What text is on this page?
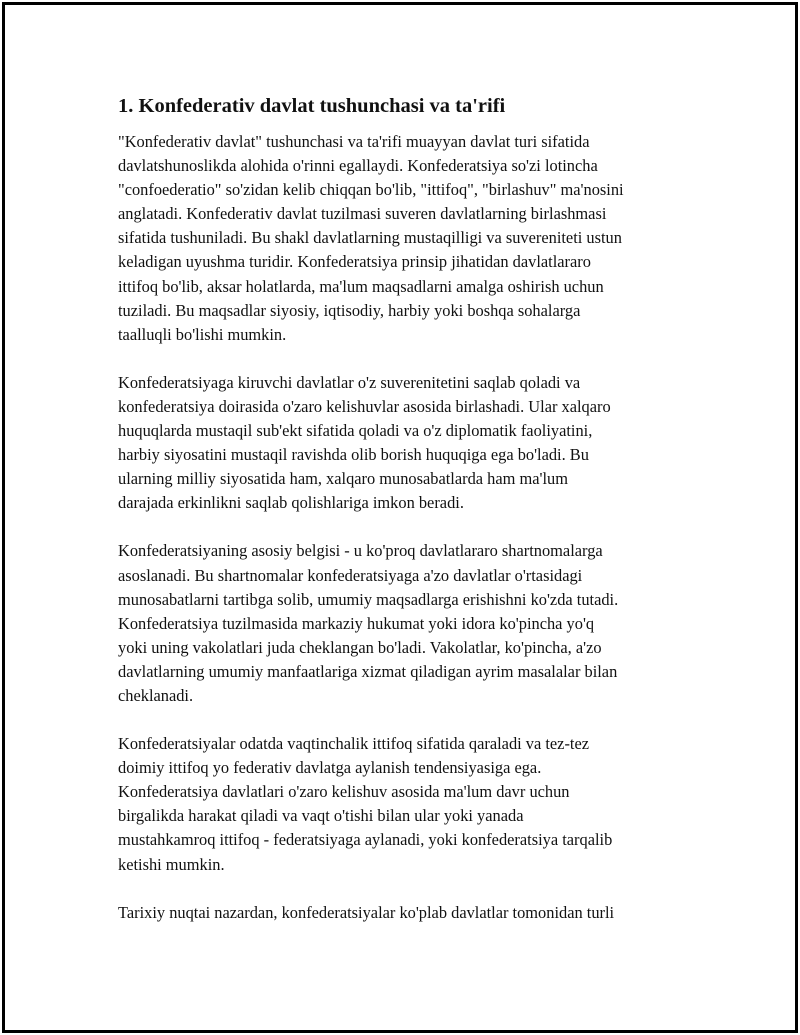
1. Konfederativ davlat tushunchasi va ta'rifi
"Konfederativ davlat" tushunchasi va ta'rifi muayyan davlat turi sifatida
davlatshunoslikda alohida o'rinni egallaydi. Konfederatsiya so'zi lotincha
"confoederatio" so'zidan kelib chiqqan bo'lib, "ittifoq", "birlashuv" ma'nosini
anglatadi. Konfederativ davlat tuzilmasi suveren davlatlarning birlashmasi
sifatida tushuniladi. Bu shakl davlatlarning mustaqilligi va suvereniteti ustun
keladigan uyushma turidir. Konfederatsiya prinsip jihatidan davlatlararo
ittifoq bo'lib, aksar holatlarda, ma'lum maqsadlarni amalga oshirish uchun
tuziladi. Bu maqsadlar siyosiy, iqtisodiy, harbiy yoki boshqa sohalarga
taalluqli bo'lishi mumkin.
Konfederatsiyaga kiruvchi davlatlar o'z suverenitetini saqlab qoladi va
konfederatsiya doirasida o'zaro kelishuvlar asosida birlashadi. Ular xalqaro
huquqlarda mustaqil sub'ekt sifatida qoladi va o'z diplomatik faoliyatini,
harbiy siyosatini mustaqil ravishda olib borish huquqiga ega bo'ladi. Bu
ularning milliy siyosatida ham, xalqaro munosabatlarda ham ma'lum
darajada erkinlikni saqlab qolishlariga imkon beradi.
Konfederatsiyaning asosiy belgisi - u ko'proq davlatlararo shartnomalarga
asoslanadi. Bu shartnomalar konfederatsiyaga a'zo davlatlar o'rtasidagi
munosabatlarni tartibga solib, umumiy maqsadlarga erishishni ko'zda tutadi.
Konfederatsiya tuzilmasida markaziy hukumat yoki idora ko'pincha yo'q
yoki uning vakolatlari juda cheklangan bo'ladi. Vakolatlar, ko'pincha, a'zo
davlatlarning umumiy manfaatlariga xizmat qiladigan ayrim masalalar bilan
cheklanadi.
Konfederatsiyalar odatda vaqtinchalik ittifoq sifatida qaraladi va tez-tez
doimiy ittifoq yo federativ davlatga aylanish tendensiyasiga ega.
Konfederatsiya davlatlari o'zaro kelishuv asosida ma'lum davr uchun
birgalikda harakat qiladi va vaqt o'tishi bilan ular yoki yanada
mustahkamroq ittifoq - federatsiyaga aylanadi, yoki konfederatsiya tarqalib
ketishi mumkin.
Tarixiy nuqtai nazardan, konfederatsiyalar ko'plab davlatlar tomonidan turli
